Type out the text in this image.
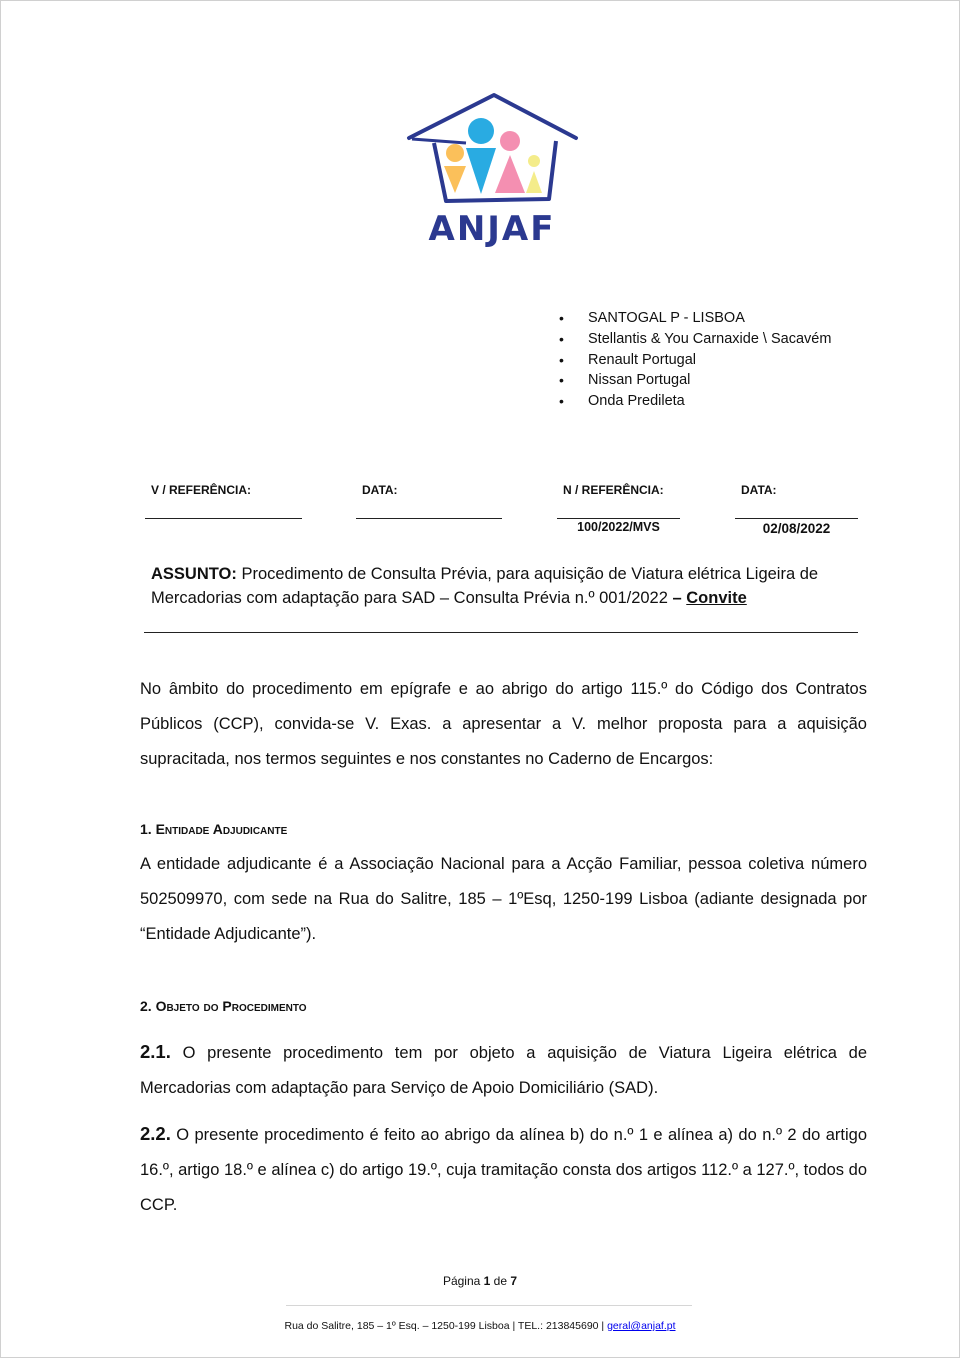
ANJAF
• SANTOGAL P - LISBOA
• Stellantis & You Carnaxide \ Sacavém
• Renault Portugal
• Nissan Portugal
• Onda Predileta
V / REFERÊNCIA:	DATA:	N / REFERÊNCIA:
100/2022/MVS
DATA:
02/08/2022
ASSUNTO: Procedimento de Consulta Prévia, para aquisição de Viatura elétrica Ligeira de Mercadorias com adaptação para SAD – Consulta Prévia n.º 001/2022 – Convite
No âmbito do procedimento em epígrafe e ao abrigo do artigo 115.º do Código dos Contratos Públicos (CCP), convida-se V. Exas. a apresentar a V. melhor proposta para a aquisição supracitada, nos termos seguintes e nos constantes no Caderno de Encargos:
1. Entidade Adjudicante
A entidade adjudicante é a Associação Nacional para a Acção Familiar, pessoa coletiva número 502509970, com sede na Rua do Salitre, 185 – 1ºEsq, 1250-199 Lisboa (adiante designada por “Entidade Adjudicante”).
2. Objeto do Procedimento
2.1. O presente procedimento tem por objeto a aquisição de Viatura Ligeira elétrica de Mercadorias com adaptação para Serviço de Apoio Domiciliário (SAD).
2.2. O presente procedimento é feito ao abrigo da alínea b) do n.º 1 e alínea a) do n.º 2 do artigo 16.º, artigo 18.º e alínea c) do artigo 19.º, cuja tramitação consta dos artigos 112.º a 127.º, todos do CCP.
Página 1 de 7
Rua do Salitre, 185 – 1º Esq. – 1250-199 Lisboa | TEL.: 213845690 | geral@anjaf.pt
